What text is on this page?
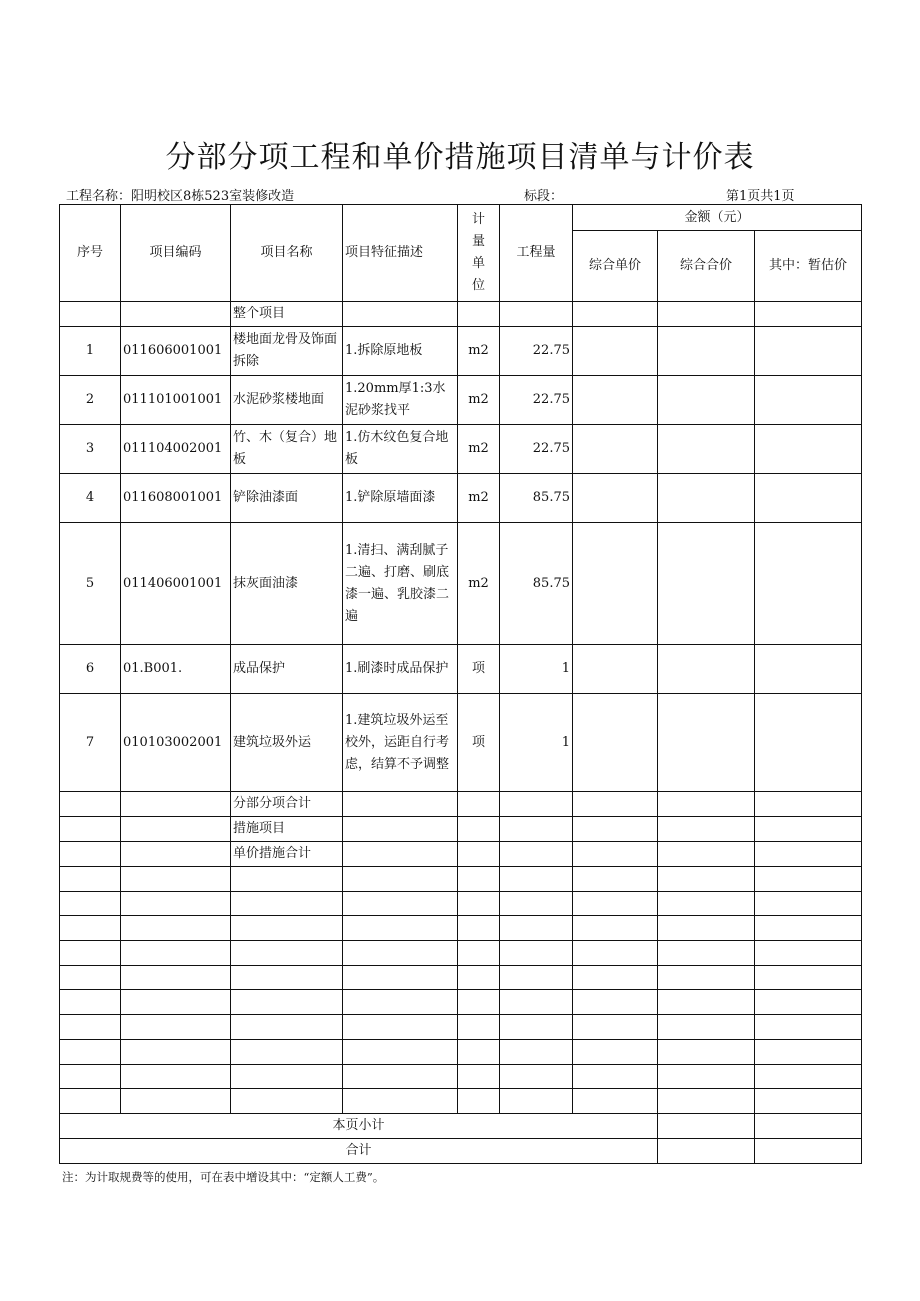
分部分项工程和单价措施项目清单与计价表
工程名称：阳明校区8栋523室装修改造	标段：	第1页共1页
序号	项目编码	项目名称	项目特征描述	计
量
单
位	工程量	金额（元）		
						综合单价	综合合价	其中：暂估价
		整个项目						
1	011606001001	楼地面龙骨及饰面拆除	1.拆除原地板	m2	22.75			
2	011101001001	水泥砂浆楼地面	1.20mm厚1:3水泥砂浆找平	m2	22.75			
3	011104002001	竹、木（复合）地板	1.仿木纹色复合地板	m2	22.75			
4	011608001001	铲除油漆面	1.铲除原墙面漆	m2	85.75			
5	011406001001	抹灰面油漆	1.清扫、满刮腻子二遍、打磨、刷底漆一遍、乳胶漆二遍	m2	85.75			
6	01.B001.	成品保护	1.刷漆时成品保护	项	1			
7	010103002001	建筑垃圾外运	1.建筑垃圾外运至校外，运距自行考虑，结算不予调整	项	1			
		分部分项合计						
		措施项目						
		单价措施合计						

本页小计								
合计								
注：为计取规费等的使用，可在表中增设其中：“定额人工费”。
